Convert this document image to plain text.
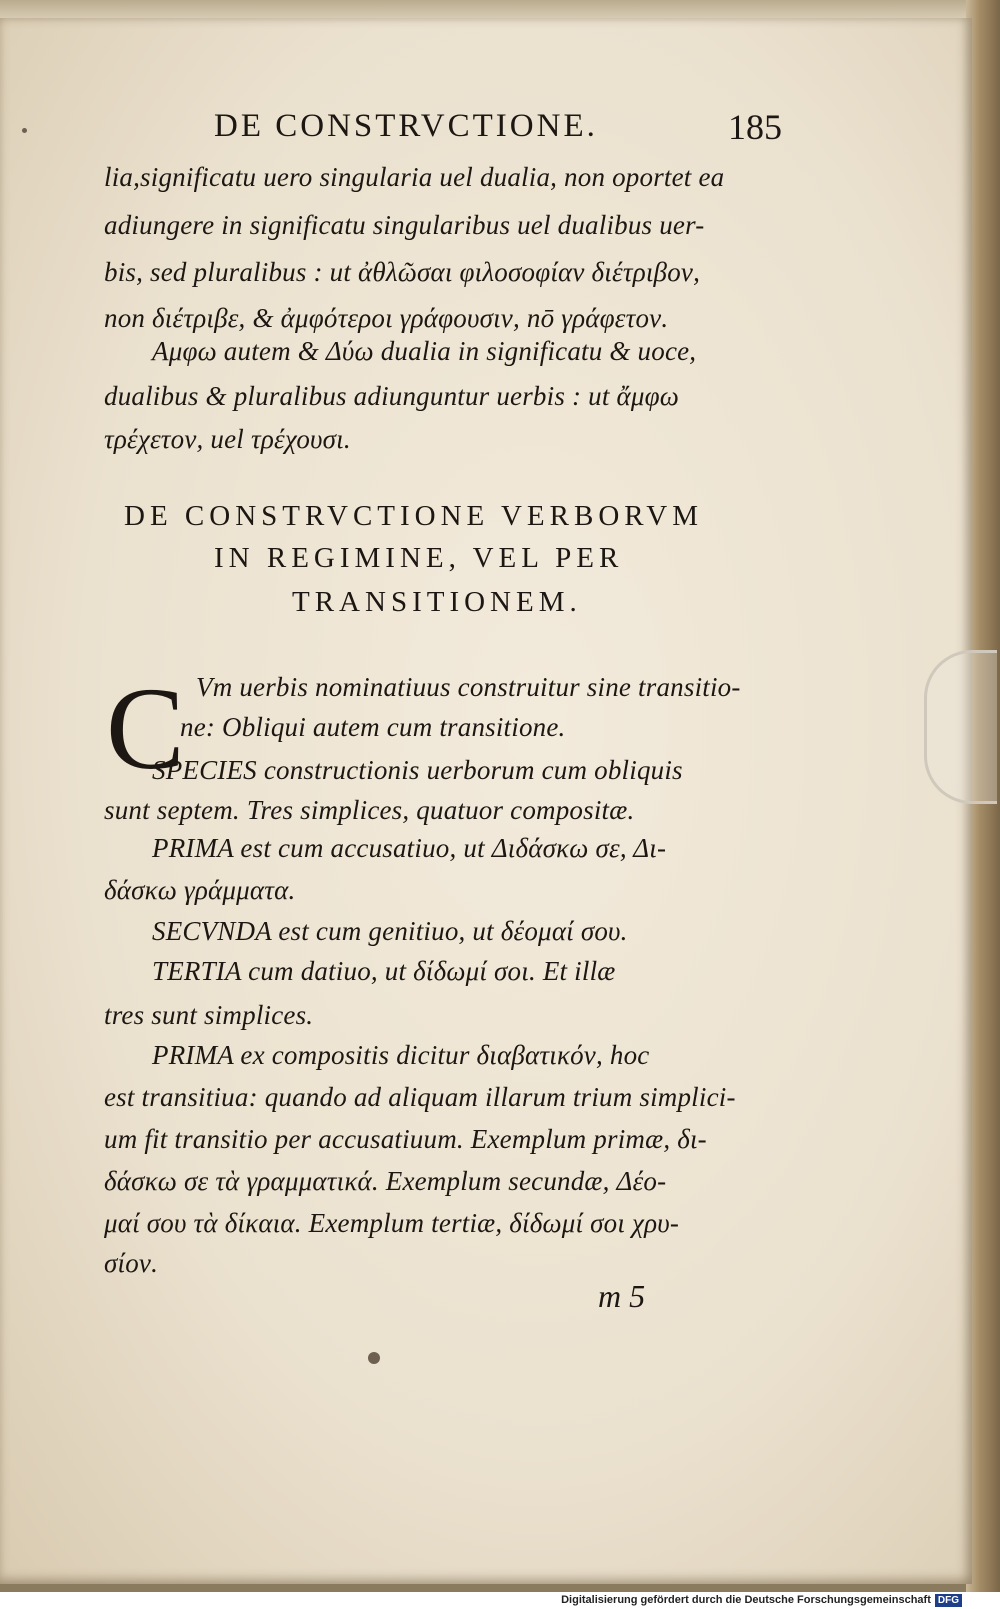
DE CONSTRVCTIONE.	185
lia,significatu uero singularia uel dualia, non oportet ea
adiungere in significatu singularibus uel dualibus uer-
bis, sed pluralibus : ut ἀθλῶσαι φιλοσοφίαν διέτριβον,
non διέτριβε, & ἀμφότεροι γράφουσιν, nō γράφετον.
Αμφω autem & Δύω dualia in significatu & uoce,
dualibus & pluralibus adiunguntur uerbis : ut ἄμφω
τρέχετον, uel τρέχουσι.
DE CONSTRVCTIONE VERBORVM
IN REGIMINE, VEL PER
TRANSITIONEM.
C Vm uerbis nominatiuus construitur sine transitio-
ne: Obliqui autem cum transitione.
SPECIES constructionis uerborum cum obliquis
sunt septem. Tres simplices, quatuor compositæ.
PRIMA est cum accusatiuo, ut Διδάσκω σε, Δι-
δάσκω γράμματα.
SECVNDA est cum genitiuo, ut δέομαί σου.
TERTIA cum datiuo, ut δίδωμί σοι. Et illæ
tres sunt simplices.
PRIMA ex compositis dicitur διαβατικόν, hoc
est transitiua: quando ad aliquam illarum trium simplici-
um fit transitio per accusatiuum. Exemplum primæ, δι-
δάσκω σε τὰ γραμματικά. Exemplum secundæ, Δέο-
μαί σου τὰ δίκαια. Exemplum tertiæ, δίδωμί σοι χρυ-
σίον.
m 5
Digitalisierung gefördert durch die Deutsche Forschungsgemeinschaft DFG
